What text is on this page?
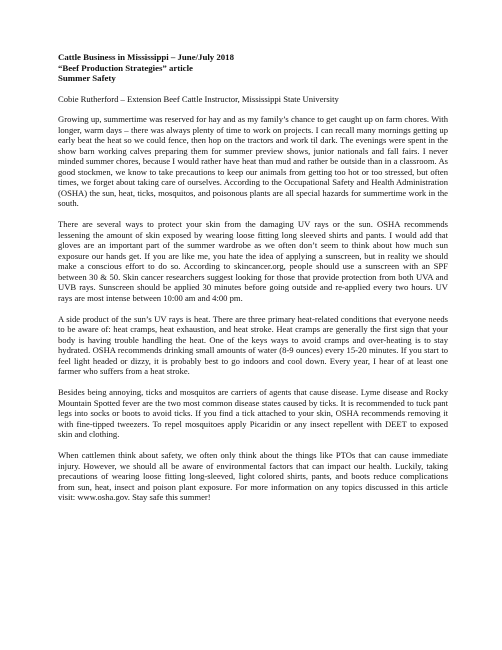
Cattle Business in Mississippi – June/July 2018
“Beef Production Strategies” article
Summer Safety
Cobie Rutherford – Extension Beef Cattle Instructor, Mississippi State University

Growing up, summertime was reserved for hay and as my family’s chance to get caught up on farm chores. With longer, warm days – there was always plenty of time to work on projects. I can recall many mornings getting up early beat the heat so we could fence, then hop on the tractors and work til dark. The evenings were spent in the show barn working calves preparing them for summer preview shows, junior nationals and fall fairs. I never minded summer chores, because I would rather have heat than mud and rather be outside than in a classroom. As good stockmen, we know to take precautions to keep our animals from getting too hot or too stressed, but often times, we forget about taking care of ourselves. According to the Occupational Safety and Health Administration (OSHA) the sun, heat, ticks, mosquitos, and poisonous plants are all special hazards for summertime work in the south.

There are several ways to protect your skin from the damaging UV rays or the sun. OSHA recommends lessening the amount of skin exposed by wearing loose fitting long sleeved shirts and pants. I would add that gloves are an important part of the summer wardrobe as we often don’t seem to think about how much sun exposure our hands get. If you are like me, you hate the idea of applying a sunscreen, but in reality we should make a conscious effort to do so. According to skincancer.org, people should use a sunscreen with an SPF between 30 & 50. Skin cancer researchers suggest looking for those that provide protection from both UVA and UVB rays. Sunscreen should be applied 30 minutes before going outside and re-applied every two hours. UV rays are most intense between 10:00 am and 4:00 pm.

A side product of the sun’s UV rays is heat. There are three primary heat-related conditions that everyone needs to be aware of: heat cramps, heat exhaustion, and heat stroke. Heat cramps are generally the first sign that your body is having trouble handling the heat. One of the keys ways to avoid cramps and over-heating is to stay hydrated. OSHA recommends drinking small amounts of water (8-9 ounces) every 15-20 minutes. If you start to feel light headed or dizzy, it is probably best to go indoors and cool down. Every year, I hear of at least one farmer who suffers from a heat stroke.

Besides being annoying, ticks and mosquitos are carriers of agents that cause disease. Lyme disease and Rocky Mountain Spotted fever are the two most common disease states caused by ticks. It is recommended to tuck pant legs into socks or boots to avoid ticks. If you find a tick attached to your skin, OSHA recommends removing it with fine-tipped tweezers. To repel mosquitoes apply Picaridin or any insect repellent with DEET to exposed skin and clothing.

When cattlemen think about safety, we often only think about the things like PTOs that can cause immediate injury. However, we should all be aware of environmental factors that can impact our health. Luckily, taking precautions of wearing loose fitting long-sleeved, light colored shirts, pants, and boots reduce complications from sun, heat, insect and poison plant exposure. For more information on any topics discussed in this article visit: www.osha.gov. Stay safe this summer!
